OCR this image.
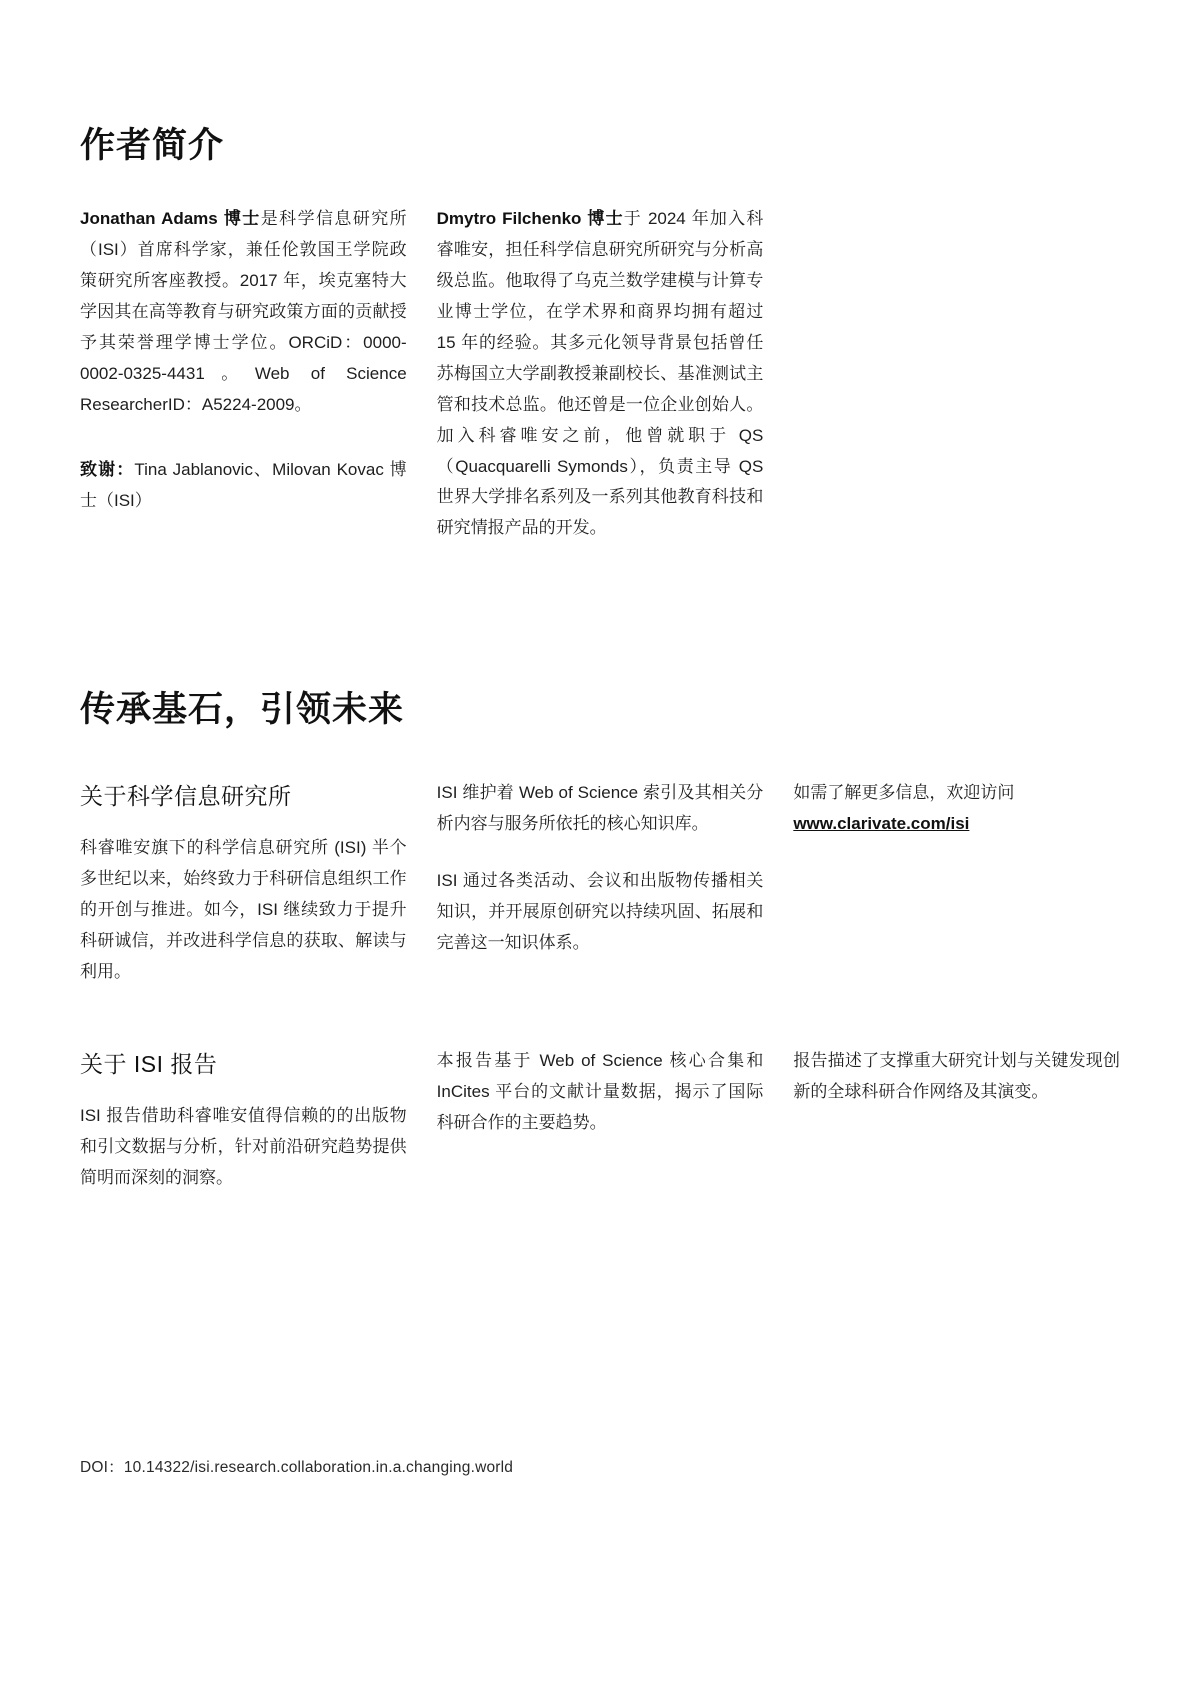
作者简介

Jonathan Adams 博士是科学信息研究所（ISI）首席科学家，兼任伦敦国王学院政策研究所客座教授。2017 年，埃克塞特大学因其在高等教育与研究政策方面的贡献授予其荣誉理学博士学位。ORCiD：0000-0002-0325-4431。Web of Science ResearcherID：A5224-2009。

致谢：Tina Jablanovic、Milovan Kovac 博士（ISI）

Dmytro Filchenko 博士于 2024 年加入科睿唯安，担任科学信息研究所研究与分析高级总监。他取得了乌克兰数学建模与计算专业博士学位，在学术界和商界均拥有超过 15 年的经验。其多元化领导背景包括曾任苏梅国立大学副教授兼副校长、基准测试主管和技术总监。他还曾是一位企业创始人。加入科睿唯安之前，他曾就职于 QS（Quacquarelli Symonds），负责主导 QS 世界大学排名系列及一系列其他教育科技和研究情报产品的开发。

传承基石，引领未来
关于科学信息研究所

科睿唯安旗下的科学信息研究所 (ISI) 半个多世纪以来，始终致力于科研信息组织工作的开创与推进。如今，ISI 继续致力于提升科研诚信，并改进科学信息的获取、解读与利用。

ISI 维护着 Web of Science 索引及其相关分析内容与服务所依托的核心知识库。

ISI 通过各类活动、会议和出版物传播相关知识，并开展原创研究以持续巩固、拓展和完善这一知识体系。

如需了解更多信息，欢迎访问
www.clarivate.com/isi

关于 ISI 报告

ISI 报告借助科睿唯安值得信赖的的出版物和引文数据与分析，针对前沿研究趋势提供简明而深刻的洞察。

本报告基于 Web of Science 核心合集和 InCites 平台的文献计量数据，揭示了国际科研合作的主要趋势。

报告描述了支撑重大研究计划与关键发现创新的全球科研合作网络及其演变。

DOI：10.14322/isi.research.collaboration.in.a.changing.world
